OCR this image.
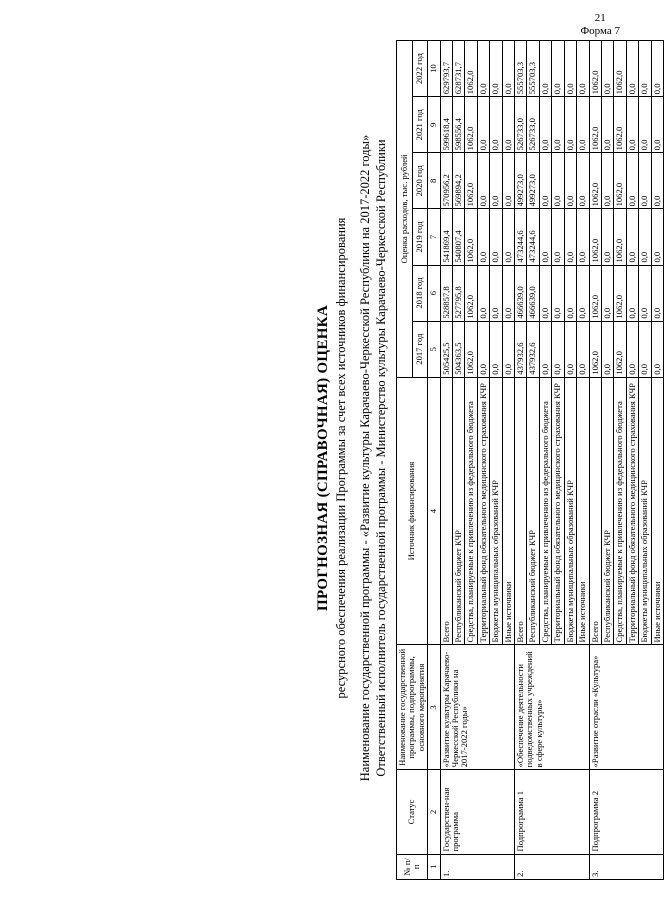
21
Форма 7
ПРОГНОЗНАЯ (СПРАВОЧНАЯ) ОЦЕНКА ресурсного обеспечения реализации Программы за счет всех источников финансирования Наименование государственной программы - «Развитие культуры Карачаево-Черкесской Республики на 2017-2022 годы» Ответственный исполнитель государственной программы - Министерство культуры Карачаево-Черкесской Республики
№ п/п	Статус	Наименование государственной программы, подпрограммы, основного мероприятия	Источник финансирования	Оценка расходов, тыс. рублей					
				2017 год	2018 год	2019 год	2020 год	2021 год	2022 год
1	2	3	4	5	6	7	8	9	10
1.	Государствен-ная программа	«Развитие культуры Карачаево-Черкесской Республики на 2017-2022 годы»	Всего	505425,5	528857,8	541869,4	570956,2	599618,4	629793,7
			Республиканский бюджет КЧР	504363,5	527795,8	540807,4	569894,2	598556,4	628731,7
			Средства, планируемые к привлечению из федерального бюджета	1062,0	1062,0	1062,0	1062,0	1062,0	1062,0
			Территориальный фонд обязательного медицинского страхования КЧР	0,0	0,0	0,0	0,0	0,0	0,0
			Бюджеты муниципальных образований КЧР	0,0	0,0	0,0	0,0	0,0	0,0
			Иные источники	0,0	0,0	0,0	0,0	0,0	0,0
2.	Подпрограмма 1	«Обеспечение деятельности подведомственных учреждений в сфере культуры»	Всего	437932,6	466639,0	473244,6	499273,0	526733,0	555703,3
			Республиканский бюджет КЧР	437932,6	466639,0	473244,6	499273,0	526733,0	555703,3
			Средства, планируемые к привлечению из федерального бюджета	0,0	0,0	0,0	0,0	0,0	0,0
			Территориальный фонд обязательного медицинского страхования КЧР	0,0	0,0	0,0	0,0	0,0	0,0
			Бюджеты муниципальных образований КЧР	0,0	0,0	0,0	0,0	0,0	0,0
			Иные источники	0,0	0,0	0,0	0,0	0,0	0,0
3.	Подпрограмма 2	«Развитие отрасли «Культура»	Всего	1062,0	1062,0	1062,0	1062,0	1062,0	1062,0
			Республиканский бюджет КЧР	0,0	0,0	0,0	0,0	0,0	0,0
			Средства, планируемые к привлечению из федерального бюджета	1062,0	1062,0	1062,0	1062,0	1062,0	1062,0
			Территориальный фонд обязательного медицинского страхования КЧР	0,0	0,0	0,0	0,0	0,0	0,0
			Бюджеты муниципальных образований КЧР	0,0	0,0	0,0	0,0	0,0	0,0
			Иные источники	0,0	0,0	0,0	0,0	0,0	0,0
